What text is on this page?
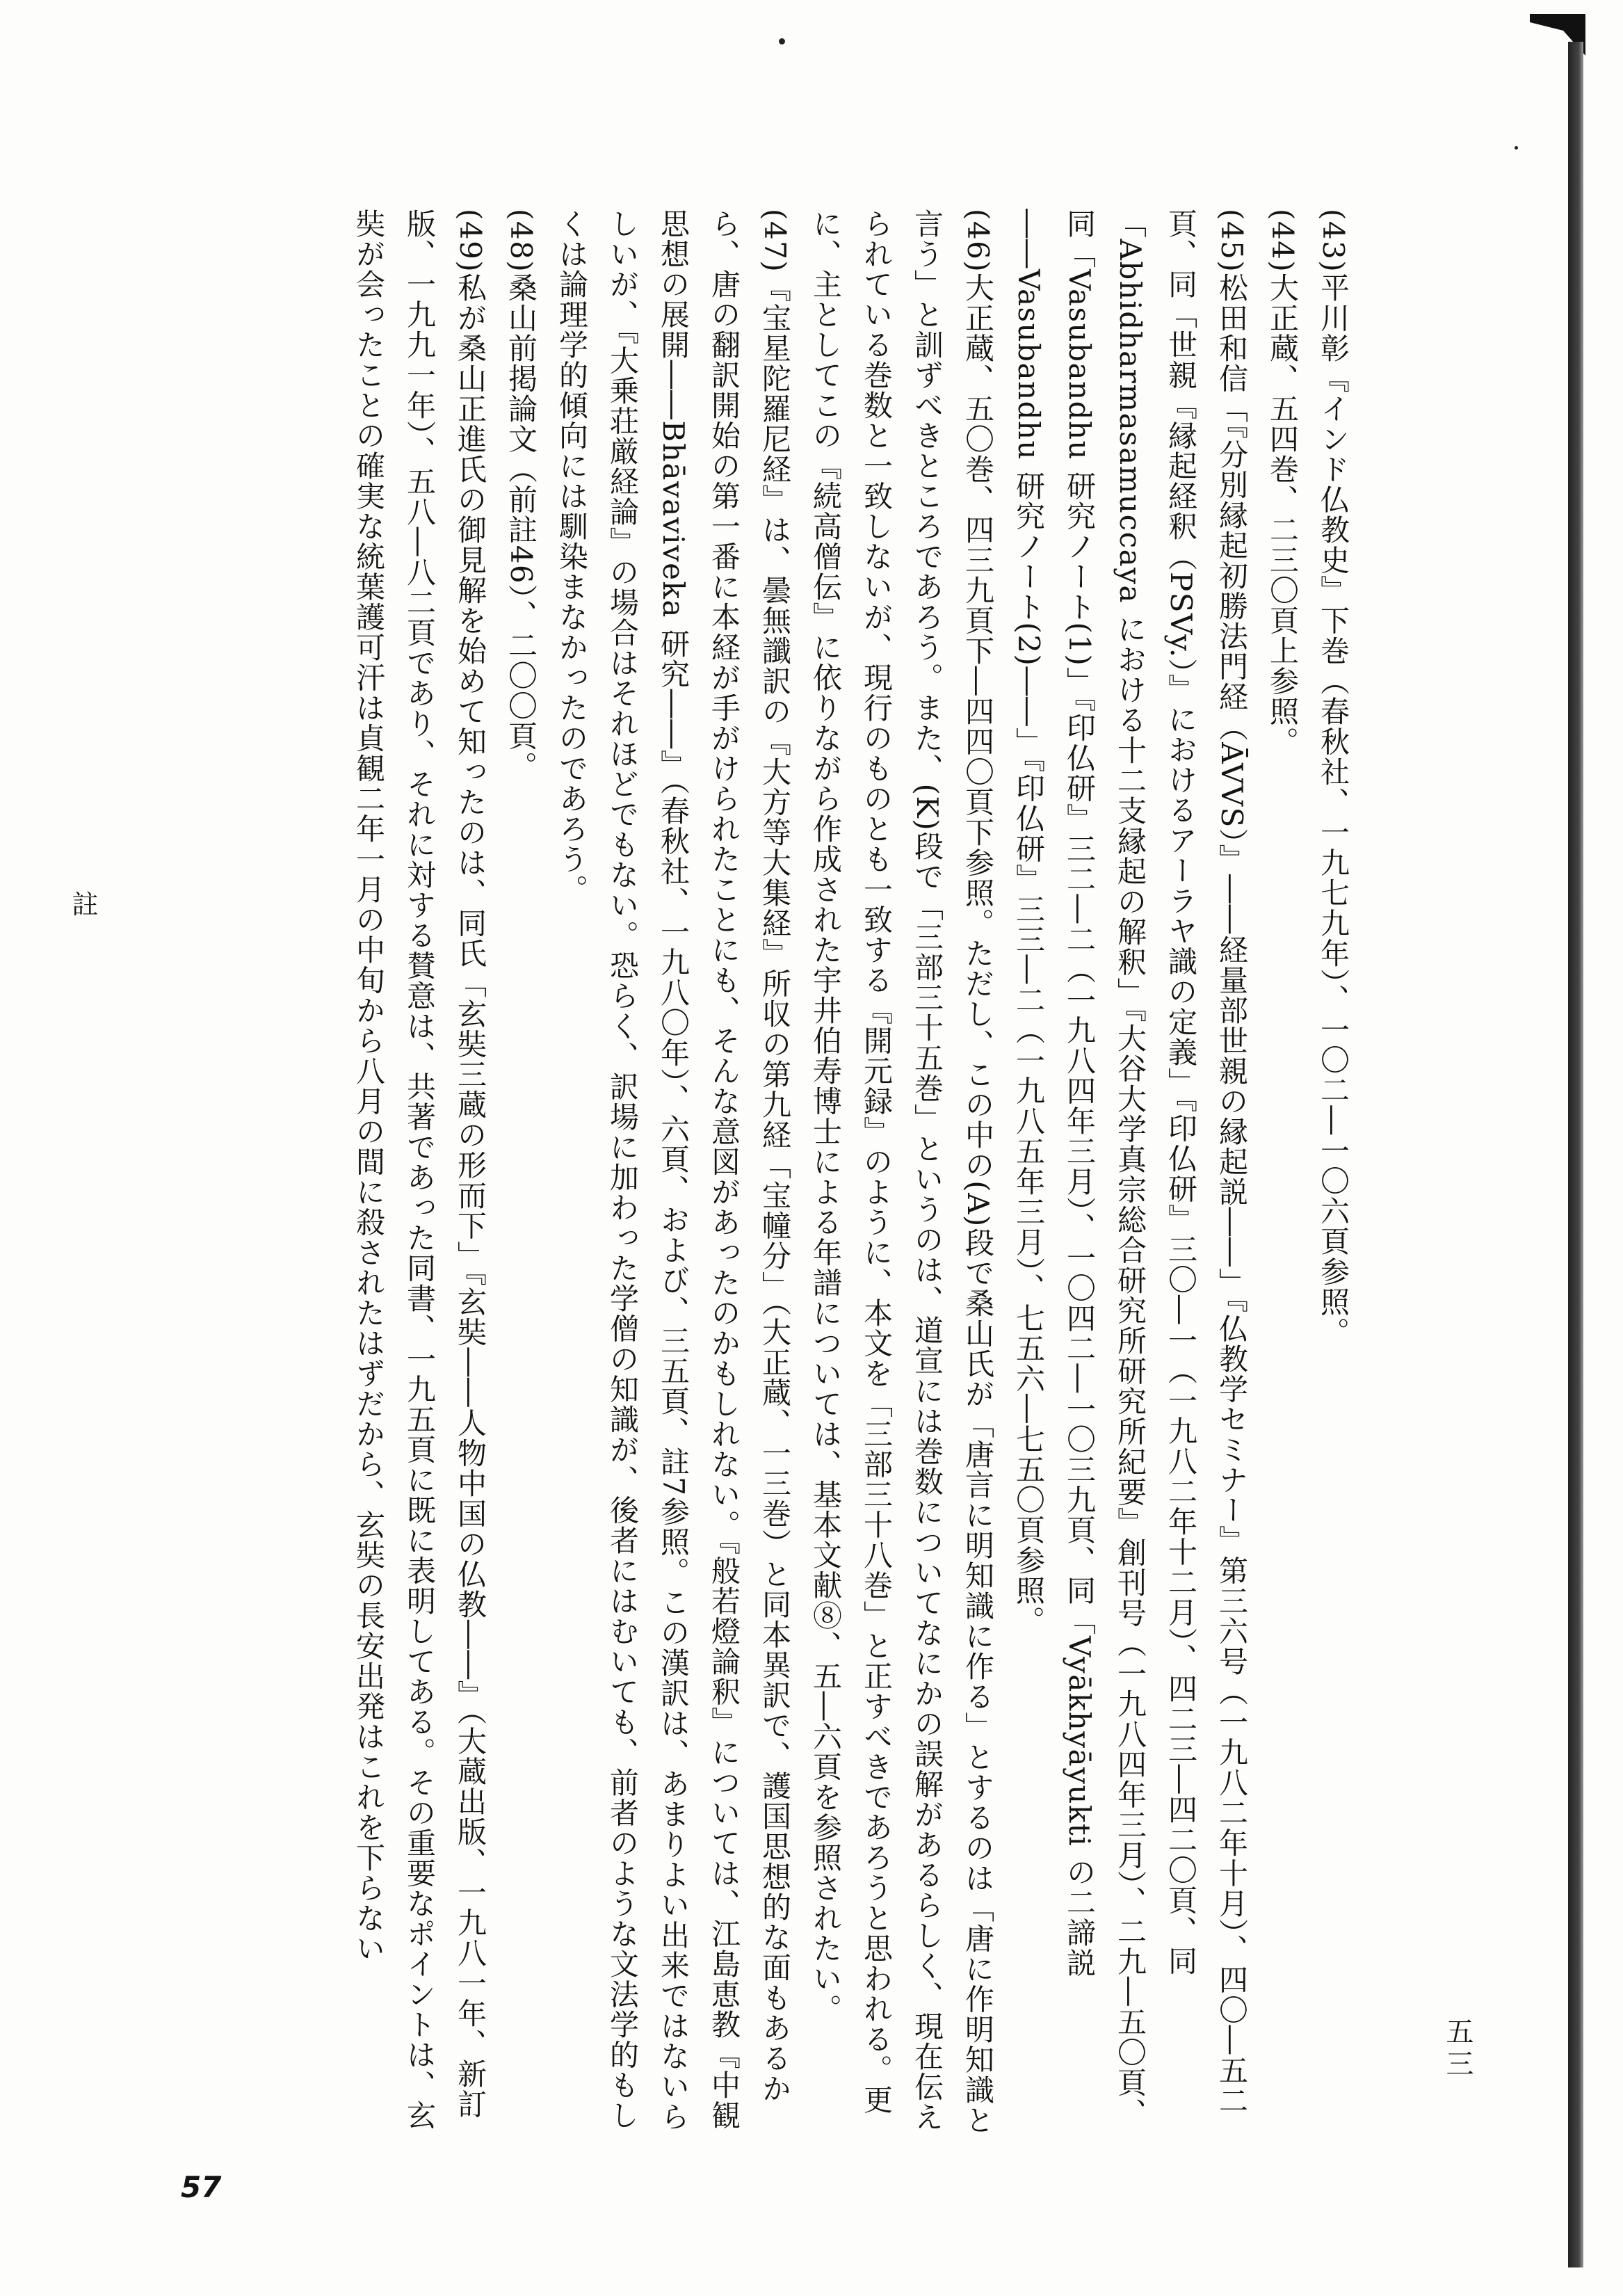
(43)平川彰『インド仏教史』下巻（春秋社、一九七九年）、一〇二―一〇六頁参照。
(44)大正蔵、五四巻、二三〇頁上参照。
(45)松田和信「『分別縁起初勝法門経（ĀVVS）』――経量部世親の縁起説――」『仏教学セミナー』第三六号（一九八二年十月）、四〇―五二頁、同「世親『縁起経釈（PSVy.）』におけるアーラヤ識の定義」『印仏研』三〇―一（一九八二年十二月）、四二三―四二〇頁、同「Abhidharmasamuccaya における十二支縁起の解釈」『大谷大学真宗総合研究所研究所紀要』創刊号（一九八四年三月）、二九―五〇頁、同「Vasubandhu 研究ノート(1)」『印仏研』三二―二（一九八四年三月）、一〇四二―一〇三九頁、同「Vyākhyāyukti の二諦説――Vasubandhu 研究ノート(2)――」『印仏研』三三―二（一九八五年三月）、七五六―七五〇頁参照。
(46)大正蔵、五〇巻、四三九頁下―四四〇頁下参照。ただし、この中の(A)段で桑山氏が「唐言に明知識に作る」とするのは「唐に作明知識と言う」と訓ずべきところであろう。また、(K)段で「三部三十五巻」というのは、道宣には巻数についてなにかの誤解があるらしく、現在伝えられている巻数と一致しないが、現行のものとも一致する『開元録』のように、本文を「三部三十八巻」と正すべきであろうと思われる。更に、主としてこの『続高僧伝』に依りながら作成された宇井伯寿博士による年譜については、基本文献⑧、五―六頁を参照されたい。
(47)『宝星陀羅尼経』は、曇無讖訳の『大方等大集経』所収の第九経「宝幢分」（大正蔵、一三巻）と同本異訳で、護国思想的な面もあるから、唐の翻訳開始の第一番に本経が手がけられたことにも、そんな意図があったのかもしれない。『般若燈論釈』については、江島恵教『中観思想の展開――Bhāvaviveka 研究――』（春秋社、一九八〇年）、六頁、および、三五頁、註7参照。この漢訳は、あまりよい出来ではないらしいが、『大乗荘厳経論』の場合はそれほどでもない。恐らく、訳場に加わった学僧の知識が、後者にはむいても、前者のような文法学的もしくは論理学的傾向には馴染まなかったのであろう。
(48)桑山前掲論文（前註46）、二〇〇頁。
(49)私が桑山正進氏の御見解を始めて知ったのは、同氏「玄奘三蔵の形而下」『玄奘――人物中国の仏教――』（大蔵出版、一九八一年、新訂版、一九九一年）、五八―八二頁であり、それに対する賛意は、共著であった同書、一九五頁に既に表明してある。その重要なポイントは、玄奘が会ったことの確実な統葉護可汗は貞観二年一月の中旬から八月の間に殺されたはずだから、玄奘の長安出発はこれを下らない
註
五三
57
